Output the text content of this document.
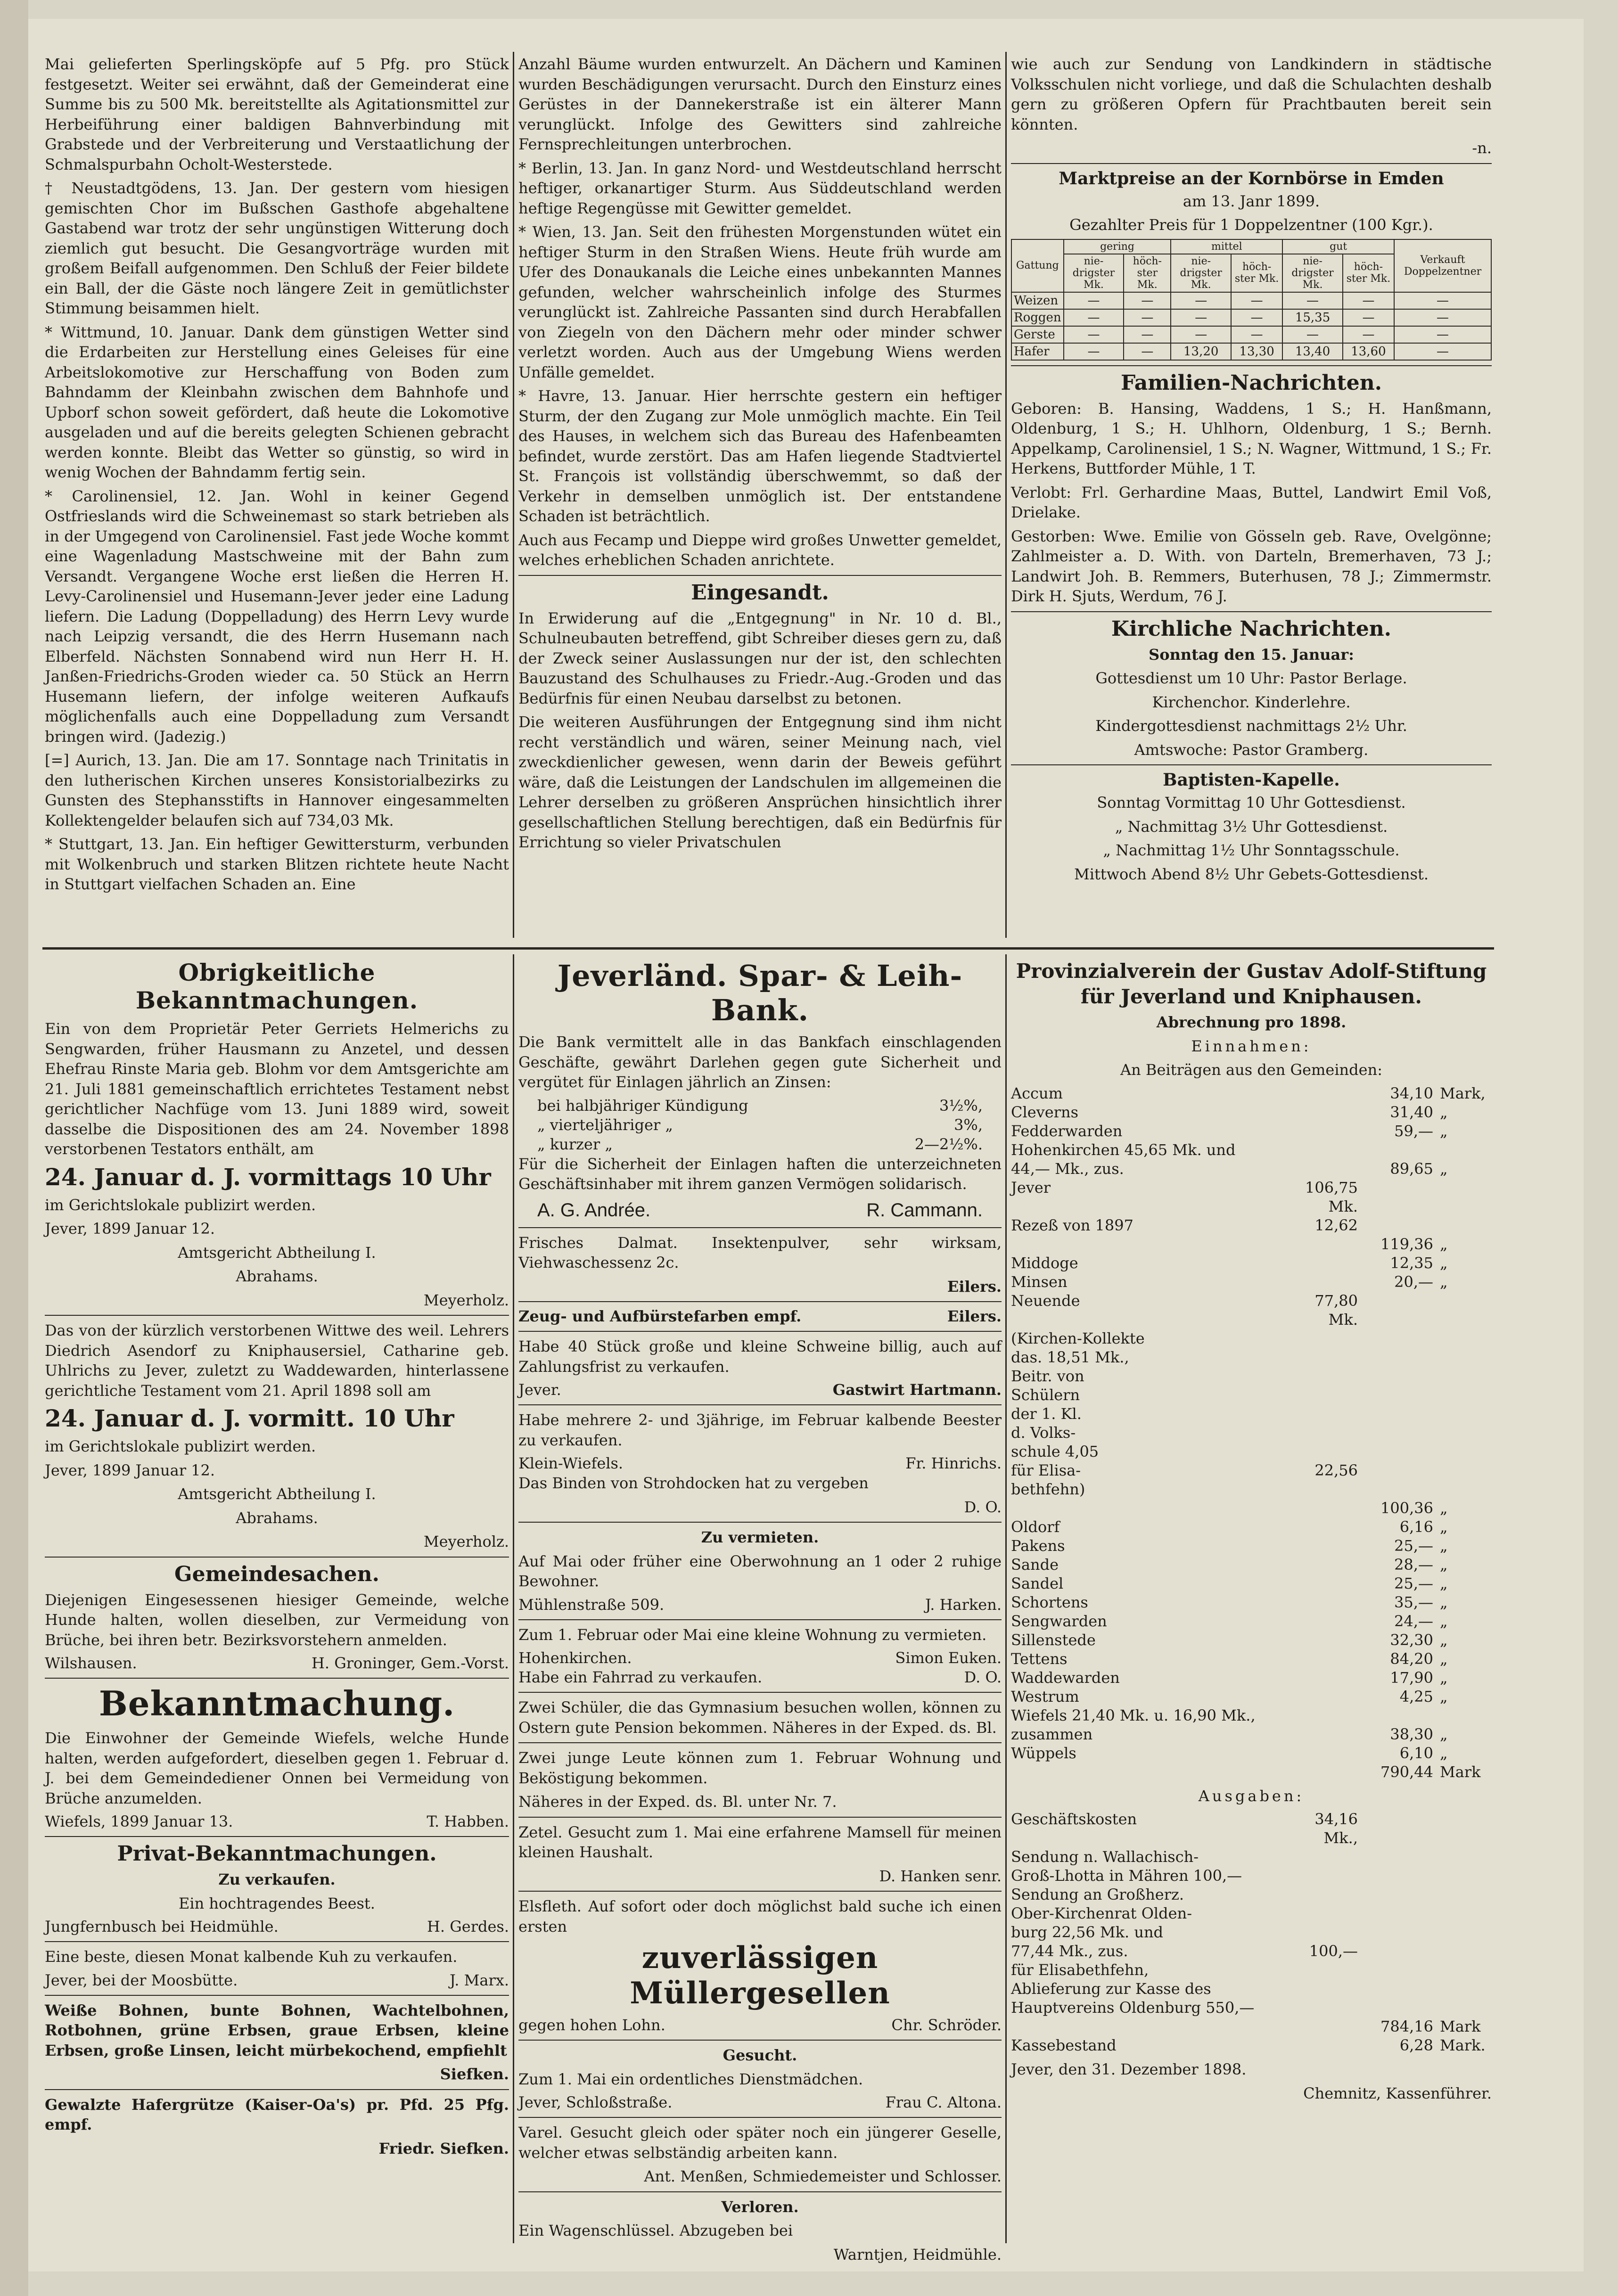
Mai gelieferten Sperlingsköpfe auf 5 Pfg. pro Stück festgesetzt. Weiter sei erwähnt, daß der Gemeinderat eine Summe bis zu 500 Mk. bereitstellte als Agitationsmittel zur Herbeiführung einer baldigen Bahnverbindung mit Grabstede und der Verbreiterung und Verstaatlichung der Schmalspurbahn Ocholt-Westerstede.

† Neustadtgödens, 13. Jan. Der gestern vom hiesigen gemischten Chor im Bußschen Gasthofe abgehaltene Gastabend war trotz der sehr ungünstigen Witterung doch ziemlich gut besucht. Die Gesangvorträge wurden mit großem Beifall aufgenommen. Den Schluß der Feier bildete ein Ball, der die Gäste noch längere Zeit in gemütlichster Stimmung beisammen hielt.

* Wittmund, 10. Januar. Dank dem günstigen Wetter sind die Erdarbeiten zur Herstellung eines Geleises für eine Arbeitslokomotive zur Herschaffung von Boden zum Bahndamm der Kleinbahn zwischen dem Bahnhofe und Upborf schon soweit gefördert, daß heute die Lokomotive ausgeladen und auf die bereits gelegten Schienen gebracht werden konnte. Bleibt das Wetter so günstig, so wird in wenig Wochen der Bahndamm fertig sein.

* Carolinensiel, 12. Jan. Wohl in keiner Gegend Ostfrieslands wird die Schweinemast so stark betrieben als in der Umgegend von Carolinensiel. Fast jede Woche kommt eine Wagenladung Mastschweine mit der Bahn zum Versandt. Vergangene Woche erst ließen die Herren H. Levy-Carolinensiel und Husemann-Jever jeder eine Ladung liefern. Die Ladung (Doppelladung) des Herrn Levy wurde nach Leipzig versandt, die des Herrn Husemann nach Elberfeld. Nächsten Sonnabend wird nun Herr H. H. Janßen-Friedrichs-Groden wieder ca. 50 Stück an Herrn Husemann liefern, der infolge weiteren Aufkaufs möglichenfalls auch eine Doppelladung zum Versandt bringen wird. (Jadezig.)

[=] Aurich, 13. Jan. Die am 17. Sonntage nach Trinitatis in den lutherischen Kirchen unseres Konsistorialbezirks zu Gunsten des Stephansstifts in Hannover eingesammelten Kollektengelder belaufen sich auf 734,03 Mk.

* Stuttgart, 13. Jan. Ein heftiger Gewittersturm, verbunden mit Wolkenbruch und starken Blitzen richtete heute Nacht in Stuttgart vielfachen Schaden an. Eine

Anzahl Bäume wurden entwurzelt. An Dächern und Kaminen wurden Beschädigungen verursacht. Durch den Einsturz eines Gerüstes in der Dannekerstraße ist ein älterer Mann verunglückt. Infolge des Gewitters sind zahlreiche Fernsprechleitungen unterbrochen.

* Berlin, 13. Jan. In ganz Nord- und Westdeutschland herrscht heftiger, orkanartiger Sturm. Aus Süddeutschland werden heftige Regengüsse mit Gewitter gemeldet.

* Wien, 13. Jan. Seit den frühesten Morgenstunden wütet ein heftiger Sturm in den Straßen Wiens. Heute früh wurde am Ufer des Donaukanals die Leiche eines unbekannten Mannes gefunden, welcher wahrscheinlich infolge des Sturmes verunglückt ist. Zahlreiche Passanten sind durch Herabfallen von Ziegeln von den Dächern mehr oder minder schwer verletzt worden. Auch aus der Umgebung Wiens werden Unfälle gemeldet.

* Havre, 13. Januar. Hier herrschte gestern ein heftiger Sturm, der den Zugang zur Mole unmöglich machte. Ein Teil des Hauses, in welchem sich das Bureau des Hafenbeamten befindet, wurde zerstört. Das am Hafen liegende Stadtviertel St. François ist vollständig überschwemmt, so daß der Verkehr in demselben unmöglich ist. Der entstandene Schaden ist beträchtlich.

Auch aus Fecamp und Dieppe wird großes Unwetter gemeldet, welches erheblichen Schaden anrichtete.

Eingesandt.

In Erwiderung auf die „Entgegnung" in Nr. 10 d. Bl., Schulneubauten betreffend, gibt Schreiber dieses gern zu, daß der Zweck seiner Auslassungen nur der ist, den schlechten Bauzustand des Schulhauses zu Friedr.-Aug.-Groden und das Bedürfnis für einen Neubau darselbst zu betonen.

Die weiteren Ausführungen der Entgegnung sind ihm nicht recht verständlich und wären, seiner Meinung nach, viel zweckdienlicher gewesen, wenn darin der Beweis geführt wäre, daß die Leistungen der Landschulen im allgemeinen die Lehrer derselben zu größeren Ansprüchen hinsichtlich ihrer gesellschaftlichen Stellung berechtigen, daß ein Bedürfnis für Errichtung so vieler Privatschulen

wie auch zur Sendung von Landkindern in städtische Volksschulen nicht vorliege, und daß die Schulachten deshalb gern zu größeren Opfern für Prachtbauten bereit sein könnten.

-n.

Marktpreise an der Kornbörse in Emden

am 13. Janr 1899.

Gezahlter Preis für 1 Doppelzentner (100 Kgr.).

Gattung	gering		mittel		gut		Verkauft Doppelzentner
	nie-drigster Mk.	höch-ster Mk.	nie-drigster Mk.	höch-ster Mk.	nie-drigster Mk.	höch-ster Mk.	
Weizen	—	—	—	—	—	—	—
Roggen	—	—	—	—	15,35	—	—
Gerste	—	—	—	—	—	—	—
Hafer	—	—	13,20	13,30	13,40	13,60	—
Familien-Nachrichten.

Geboren: B. Hansing, Waddens, 1 S.; H. Hanßmann, Oldenburg, 1 S.; H. Uhlhorn, Oldenburg, 1 S.; Bernh. Appelkamp, Carolinensiel, 1 S.; N. Wagner, Wittmund, 1 S.; Fr. Herkens, Buttforder Mühle, 1 T.

Verlobt: Frl. Gerhardine Maas, Buttel, Landwirt Emil Voß, Drielake.

Gestorben: Wwe. Emilie von Gösseln geb. Rave, Ovelgönne; Zahlmeister a. D. With. von Darteln, Bremerhaven, 73 J.; Landwirt Joh. B. Remmers, Buterhusen, 78 J.; Zimmermstr. Dirk H. Sjuts, Werdum, 76 J.

Kirchliche Nachrichten.

Sonntag den 15. Januar:

Gottesdienst um 10 Uhr: Pastor Berlage.

Kirchenchor. Kinderlehre.

Kindergottesdienst nachmittags 2½ Uhr.

Amtswoche: Pastor Gramberg.

Baptisten-Kapelle.

Sonntag Vormittag 10 Uhr Gottesdienst.

„ Nachmittag 3½ Uhr Gottesdienst.

„ Nachmittag 1½ Uhr Sonntagsschule.

Mittwoch Abend 8½ Uhr Gebets-Gottesdienst.

Obrigkeitliche Bekanntmachungen.

Ein von dem Proprietär Peter Gerriets Helmerichs zu Sengwarden, früher Hausmann zu Anzetel, und dessen Ehefrau Rinste Maria geb. Blohm vor dem Amtsgerichte am 21. Juli 1881 gemeinschaftlich errichtetes Testament nebst gerichtlicher Nachfüge vom 13. Juni 1889 wird, soweit dasselbe die Dispositionen des am 24. November 1898 verstorbenen Testators enthält, am

24. Januar d. J. vormittags 10 Uhr

im Gerichtslokale publizirt werden.

Jever, 1899 Januar 12.

Amtsgericht Abtheilung I.

Abrahams.

Meyerholz.

Das von der kürzlich verstorbenen Wittwe des weil. Lehrers Diedrich Asendorf zu Kniphausersiel, Catharine geb. Uhlrichs zu Jever, zuletzt zu Waddewarden, hinterlassene gerichtliche Testament vom 21. April 1898 soll am

24. Januar d. J. vormitt. 10 Uhr

im Gerichtslokale publizirt werden.

Jever, 1899 Januar 12.

Amtsgericht Abtheilung I.

Abrahams.

Meyerholz.

Gemeindesachen.

Diejenigen Eingesessenen hiesiger Gemeinde, welche Hunde halten, wollen dieselben, zur Vermeidung von Brüche, bei ihren betr. Bezirksvorstehern anmelden.

Wilshausen.	H. Groninger, Gem.-Vorst.
Bekanntmachung.

Die Einwohner der Gemeinde Wiefels, welche Hunde halten, werden aufgefordert, dieselben gegen 1. Februar d. J. bei dem Gemeindediener Onnen bei Vermeidung von Brüche anzumelden.

Wiefels, 1899 Januar 13.	T. Habben.
Privat-Bekanntmachungen.

Zu verkaufen.

Ein hochtragendes Beest.

Jungfernbusch bei Heidmühle.	H. Gerdes.

Eine beste, diesen Monat kalbende Kuh zu verkaufen.

Jever, bei der Moosbütte.	J. Marx.

Weiße Bohnen, bunte Bohnen, Wachtelbohnen, Rotbohnen, grüne Erbsen, graue Erbsen, kleine Erbsen, große Linsen, leicht mürbekochend, empfiehlt

Siefken.

Gewalzte Hafergrütze (Kaiser-Oa's) pr. Pfd. 25 Pfg. empf.

Friedr. Siefken.

Jeverländ. Spar- & Leih-Bank.

Die Bank vermittelt alle in das Bankfach einschlagenden Geschäfte, gewährt Darlehen gegen gute Sicherheit und vergütet für Einlagen jährlich an Zinsen:

bei halbjähriger Kündigung	3½%,
„ vierteljähriger „	3%,
„ kurzer „	2—2½%.

Für die Sicherheit der Einlagen haften die unterzeichneten Geschäftsinhaber mit ihrem ganzen Vermögen solidarisch.

A. G. Andrée.	R. Cammann.

Frisches Dalmat. Insektenpulver, sehr wirksam, Viehwaschessenz 2c.

Eilers.

Zeug- und Aufbürstefarben empf.	Eilers.

Habe 40 Stück große und kleine Schweine billig, auch auf Zahlungsfrist zu verkaufen.

Jever.	Gastwirt Hartmann.

Habe mehrere 2- und 3jährige, im Februar kalbende Beester zu verkaufen.

Klein-Wiefels.	Fr. Hinrichs.

Das Binden von Strohdocken hat zu vergeben

D. O.

Zu vermieten.

Auf Mai oder früher eine Oberwohnung an 1 oder 2 ruhige Bewohner.

Mühlenstraße 509.	J. Harken.

Zum 1. Februar oder Mai eine kleine Wohnung zu vermieten.

Hohenkirchen.	Simon Euken.
Habe ein Fahrrad zu verkaufen.	D. O.

Zwei Schüler, die das Gymnasium besuchen wollen, können zu Ostern gute Pension bekommen. Näheres in der Exped. ds. Bl.

Zwei junge Leute können zum 1. Februar Wohnung und Beköstigung bekommen.

Näheres in der Exped. ds. Bl. unter Nr. 7.

Zetel. Gesucht zum 1. Mai eine erfahrene Mamsell für meinen kleinen Haushalt.

D. Hanken senr.

Elsfleth. Auf sofort oder doch möglichst bald suche ich einen ersten

zuverlässigen Müllergesellen
gegen hohen Lohn.	Chr. Schröder.

Gesucht.

Zum 1. Mai ein ordentliches Dienstmädchen.

Jever, Schloßstraße.	Frau C. Altona.

Varel. Gesucht gleich oder später noch ein jüngerer Geselle, welcher etwas selbständig arbeiten kann.

Ant. Menßen, Schmiedemeister und Schlosser.

Verloren.

Ein Wagenschlüssel. Abzugeben bei

Warntjen, Heidmühle.

Provinzialverein der Gustav Adolf-Stiftung für Jeverland und Kniphausen.

Abrechnung pro 1898.

Einnahmen:

An Beiträgen aus den Gemeinden:

Accum	34,10 Mark,
Cleverns	31,40 „
Fedderwarden	59,— „
Hohenkirchen 45,65 Mk. und
44,— Mk., zus.	89,65 „
Jever	106,75 Mk.
Rezeß von 1897	12,62
119,36 „
Middoge	12,35 „
Minsen	20,— „
Neuende	77,80 Mk.
(Kirchen-Kollekte
das. 18,51 Mk.,
Beitr. von
Schülern
der 1. Kl.
d. Volks-
schule 4,05
für Elisa-	22,56
bethfehn)
100,36 „
Oldorf	6,16 „
Pakens	25,— „
Sande	28,— „
Sandel	25,— „
Schortens	35,— „
Sengwarden	24,— „
Sillenstede	32,30 „
Tettens	84,20 „
Waddewarden	17,90 „
Westrum	4,25 „
Wiefels 21,40 Mk. u. 16,90 Mk.,
zusammen	38,30 „
Wüppels	6,10 „
790,44 Mark

Ausgaben:

Geschäftskosten	34,16 Mk.,
Sendung n. Wallachisch-
Groß-Lhotta in Mähren 100,—
Sendung an Großherz.
Ober-Kirchenrat Olden-
burg 22,56 Mk. und
77,44 Mk., zus.	100,—
für Elisabethfehn,
Ablieferung zur Kasse des
Hauptvereins Oldenburg 550,—
784,16 Mark
Kassebestand	6,28 Mark.

Jever, den 31. Dezember 1898.

Chemnitz, Kassenführer.
